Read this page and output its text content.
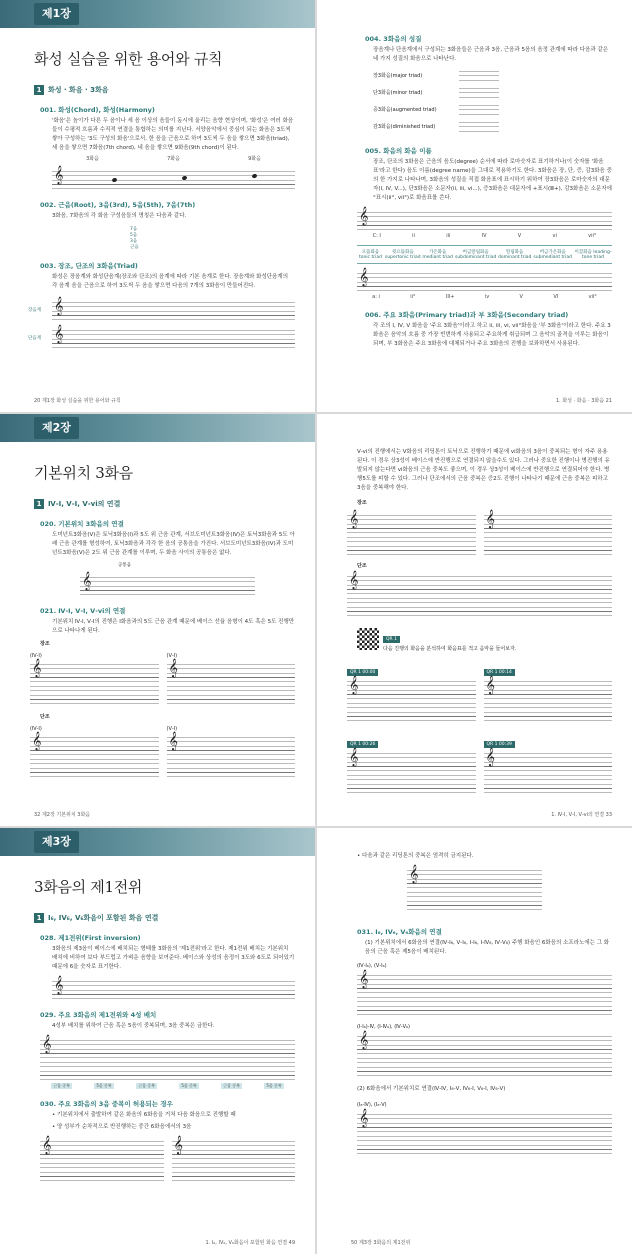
제1장
화성 실습을 위한 용어와 규칙
1 화성 · 화음 · 3화음
001. 화성(Chord), 화성(Harmony)
'화음'은 높이가 다른 두 음이나 세 음 이상의 음들이 동시에 울리는 음향 현상이며, '화성'은 여러 화음들이 수평적 흐름과 수직적 연결을 통합하는 의미를 지닌다. 서양음악에서 중심이 되는 화음은 3도씩 쌓아 구성하는 '3도 구성의 화음'으로서, 한 음을 근음으로 하여 3도씩 두 음을 쌓으면 3화음(triad), 세 음을 쌓으면 7화음(7th chord), 네 음을 쌓으면 9화음(9th chord)이 된다.
3화음	7화음	9화음
𝄞
002. 근음(Root), 3음(3rd), 5음(5th), 7음(7th)
3화음, 7화음의 각 화음 구성음들의 명칭은 다음과 같다.
7음
5음
3음
근음
003. 장조, 단조의 3화음(Triad)
화성은 장음계와 화성단음계(장조와 단조)의 음계에 따라 기본 음계로 한다. 장음계와 화성단음계의 각 음계 음을 근음으로 하여 3도씩 두 음을 쌓으면 다음의 7개의 3화음이 만들어진다.
장음계 𝄞
단음계 𝄞
20 제1장 화성 실습을 위한 용어와 규칙
004. 3화음의 성질
장음계나 단음계에서 구성되는 3화음들은 근음과 3음, 근음과 5음의 음정 관계에 따라 다음과 같은 네 가지 성질의 화음으로 나타난다.
장3화음(major triad)
단3화음(minor triad)
증3화음(augmented triad)
감3화음(diminished triad)
005. 화음의 화음 이름
장조, 단조의 3화음은 근음의 음도(degree) 순서에 따라 로마숫자로 표기하거나(이 숫자를 '화음 표'라고 한다) 음도 이름(degree name)을 그대로 적용하기도 한다. 3화음은 장, 단, 증, 감3화음 중의 한 가지로 나타나며, 3화음의 성질을 직접 화음표에 표시하기 위하여 장3화음은 로마숫자의 대문자(I, IV, V...), 단3화음은 소문자(ii, iii, vi...), 증3화음은 대문자에 +표시(Ⅲ+), 감3화음은 소문자에 °표시(ii°, vii°)로 화음표를 쓴다.
𝄞
C: I	ii	iii	IV	V	vi	vii°
으뜸화음 tonic triad
윗으뜸화음 supertonic triad
가온화음 mediant triad
버금딸림화음 subdominant triad
딸림화음 dominant triad
버금가온화음 submediant triad
이끎화음 leading-tone triad
𝄞
a: i	ii°	III+	iv	V	VI	vii°
006. 주요 3화음(Primary triad)과 부 3화음(Secondary triad)
각 조의 I, IV, V 화음을 '주요 3화음'이라고 하고 ii, iii, vi, vii°화음을 '부 3화음'이라고 한다. 주요 3화음은 음악의 흐름 중 가장 빈번하게 사용되고 주요하게 취급되며 그 음악의 골격을 이루는 화음이 되며, 부 3화음은 주요 3화음에 대체되거나 주요 3화음의 진행을 보좌하면서 사용된다.
1. 화성 · 화음 · 3화음 21
제2장
기본위치 3화음
1 Ⅳ-Ⅰ, Ⅴ-Ⅰ, Ⅴ-vi의 연결
020. 기본위치 3화음의 연결
도미넌트3화음(V)은 토닉3화음(I)과 5도 위 근음 관계, 서브도미넌트3화음(IV)은 토닉3화음과 5도 아래 근음 관계를 형성하여, 토닉3화음과 각각 한 음의 공통음을 가진다. 서브도미넌트3화음(IV)과 도미넌트3화음(V)은 2도 위 근음 관계를 이루며, 두 화음 사이의 공통음은 없다.
공통음
𝄞
021. Ⅳ-Ⅰ, Ⅴ-Ⅰ, Ⅴ-vi의 연결
기본위치 Ⅳ-Ⅰ, Ⅴ-Ⅰ의 진행은 Ⅰ화음과의 5도 근음 관계 때문에 베이스 선율 음형이 4도 혹은 5도 진행만으로 나타나게 된다.
장조
(Ⅳ-Ⅰ)
𝄞
(Ⅴ-Ⅰ)
𝄞
단조
(Ⅳ-Ⅰ)
𝄞
(Ⅴ-Ⅰ)
𝄞
32 제2장 기본위치 3화음
Ⅴ-vi의 진행에서는 Ⅴ화음의 리딩톤이 토닉으로 진행하기 때문에 vi화음의 3음이 중복되는 형이 자주 용용된다. 이 경우 상3성이 베이스에 반진행으로 연결되지 않을수도 있다. 그러나 중요한 진행이나 병진행의 유발되지 않는다면 vi화음의 근음 중복도 좋으며, 이 경우 상3성이 베이스에 반진행으로 연결되어야 한다. 병행5도를 피할 수 있다. 그러나 단조에서의 근음 중복은 증2도 진행이 나타나기 때문에 근음 중복은 피하고 3음을 중복해야 한다.
장조
𝄞	𝄞
단조
𝄞
QR 1
다음 진행의 화음을 분석하여 화음표를 적고 음악을 들어보자.
QR 1 00:00
𝄞
QR 1 00:14
𝄞
QR 1 00:26
𝄞
QR 1 00:39
𝄞
1. Ⅳ-Ⅰ, Ⅴ-Ⅰ, Ⅴ-vi의 연결 33
제3장
3화음의 제1전위
1 I₆, IV₆, V₆화음이 포함된 화음 연결
028. 제1전위(First inversion)
3화음의 제3음이 베이스에 배치되는 형태를 3화음의 '제1전위'라고 한다. 제1전위 배치는 기본위치 배치에 비하여 보다 부드럽고 가벼운 음향을 보여준다. 베이스와 상성의 음정이 3도와 6도로 되어있기 때문에 6을 숫자로 표기한다.
𝄞
029. 주요 3화음의 제1전위와 4성 배치
4성부 배치를 위하여 근음 혹은 5음이 중복되며, 3음 중복은 금한다.
𝄞
근음 중복	5음 중복	근음 중복	5음 중복	근음 중복	5음 중복
030. 주요 3화음의 3음 중복이 허용되는 경우
• 기본위치에서 출발하여 같은 화음의 6화음을 거쳐 다음 화음으로 진행할 때
• 양 성부가 순차적으로 반진행하는 중간 6화음에서의 3음
𝄞	𝄞
1. I₆, IV₆, V₆화음이 포함된 화음 연결 49
• 다음과 같은 리딩톤의 중복은 엄격히 금지된다.
𝄞
031. I₆, IV₆, V₆화음의 연결
(1) 기본위치에서 6화음의 연결(Ⅳ-I₆, Ⅴ-I₆, I-I₆, I-Ⅳ₆, Ⅳ-Ⅴ₆) 주행 화음인 6화음의 소프라노에는 그 화음의 근음 혹은 제5음이 배치된다.
(Ⅳ-I₆), (Ⅴ-I₆)
𝄞
(I-I₆)-Ⅳ, (I-Ⅳ₆), (Ⅳ-Ⅴ₆)
𝄞
(2) 6화음에서 기본위치로 연결(Ⅳ-Ⅳ, I₆-Ⅴ, Ⅳ₆-I, Ⅴ₆-I, Ⅳ₆-Ⅴ)
(I₆-Ⅳ), (I₆-Ⅴ)
𝄞
50 제3장 3화음의 제1전위
